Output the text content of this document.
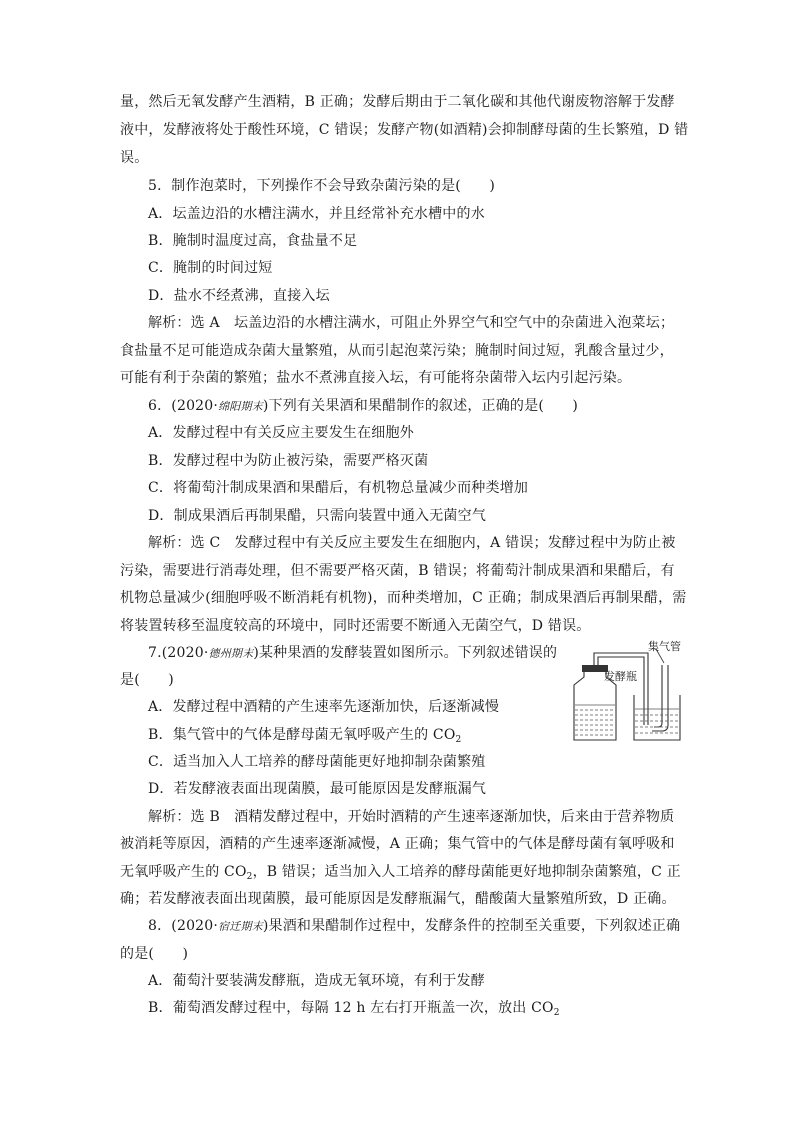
量，然后无氧发酵产生酒精，B 正确；发酵后期由于二氧化碳和其他代谢废物溶解于发酵
液中，发酵液将处于酸性环境，C 错误；发酵产物(如酒精)会抑制酵母菌的生长繁殖，D 错
误。
5．制作泡菜时，下列操作不会导致杂菌污染的是(　　)
A．坛盖边沿的水槽注满水，并且经常补充水槽中的水
B．腌制时温度过高，食盐量不足
C．腌制的时间过短
D．盐水不经煮沸，直接入坛
解析：选 A　坛盖边沿的水槽注满水，可阻止外界空气和空气中的杂菌进入泡菜坛；
食盐量不足可能造成杂菌大量繁殖，从而引起泡菜污染；腌制时间过短，乳酸含量过少，
可能有利于杂菌的繁殖；盐水不煮沸直接入坛，有可能将杂菌带入坛内引起污染。
6．(2020·绵阳期末)下列有关果酒和果醋制作的叙述，正确的是(　　)
A．发酵过程中有关反应主要发生在细胞外
B．发酵过程中为防止被污染，需要严格灭菌
C．将葡萄汁制成果酒和果醋后，有机物总量减少而种类增加
D．制成果酒后再制果醋，只需向装置中通入无菌空气
解析：选 C　发酵过程中有关反应主要发生在细胞内，A 错误；发酵过程中为防止被
污染，需要进行消毒处理，但不需要严格灭菌，B 错误；将葡萄汁制成果酒和果醋后，有
机物总量减少(细胞呼吸不断消耗有机物)，而种类增加，C 正确；制成果酒后再制果醋，需
将装置转移至温度较高的环境中，同时还需要不断通入无菌空气，D 错误。
7.(2020·德州期末)某种果酒的发酵装置如图所示。下列叙述错误的
是(　　)
A．发酵过程中酒精的产生速率先逐渐加快，后逐渐减慢
B．集气管中的气体是酵母菌无氧呼吸产生的 $CO_2$
C．适当加入人工培养的酵母菌能更好地抑制杂菌繁殖
D．若发酵液表面出现菌膜，最可能原因是发酵瓶漏气
发酵瓶
集气管
解析：选 B　酒精发酵过程中，开始时酒精的产生速率逐渐加快，后来由于营养物质
被消耗等原因，酒精的产生速率逐渐减慢，A 正确；集气管中的气体是酵母菌有氧呼吸和
无氧呼吸产生的 $CO_2$，B 错误；适当加入人工培养的酵母菌能更好地抑制杂菌繁殖，C 正
确；若发酵液表面出现菌膜，最可能原因是发酵瓶漏气，醋酸菌大量繁殖所致，D 正确。
8．(2020·宿迁期末)果酒和果醋制作过程中，发酵条件的控制至关重要，下列叙述正确
的是(　　)
A．葡萄汁要装满发酵瓶，造成无氧环境，有利于发酵
B．葡萄酒发酵过程中，每隔 12 h 左右打开瓶盖一次，放出 $CO_2$
